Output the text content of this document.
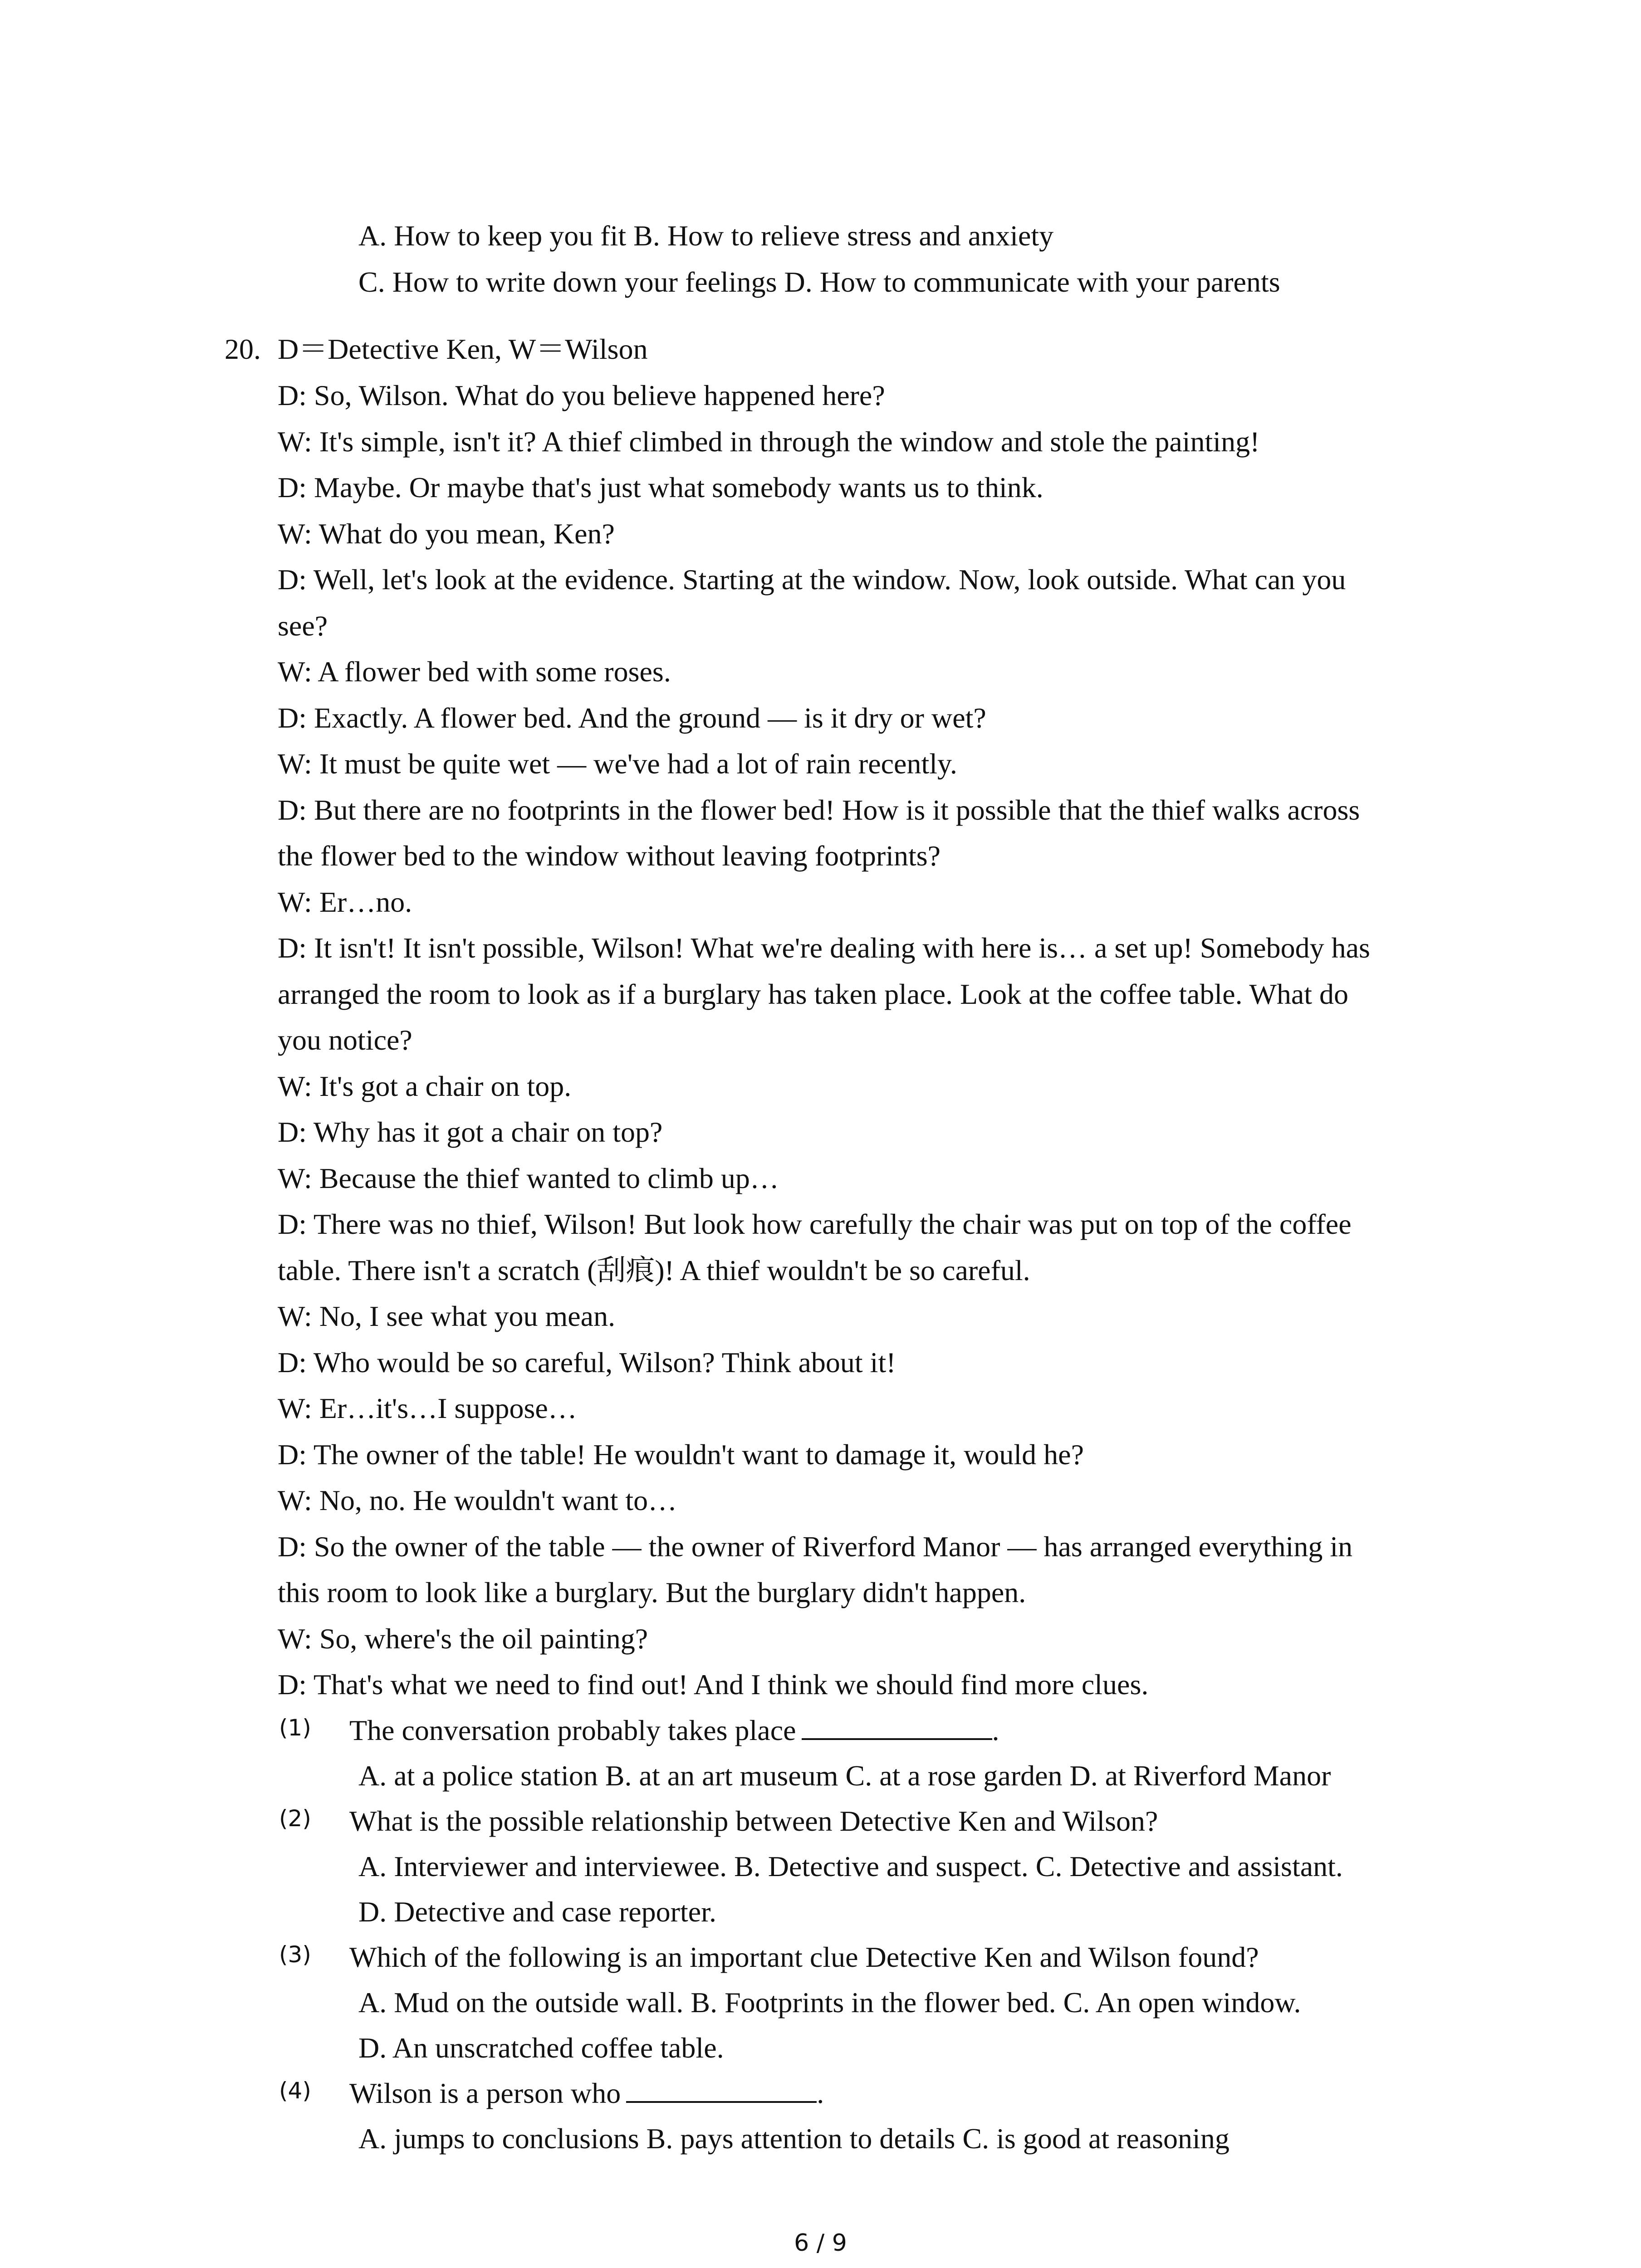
A. How to keep you fit B. How to relieve stress and anxiety
C. How to write down your feelings D. How to communicate with your parents
20. D＝Detective Ken, W＝Wilson
D: So, Wilson. What do you believe happened here?
W: It's simple, isn't it? A thief climbed in through the window and stole the painting!
D: Maybe. Or maybe that's just what somebody wants us to think.
W: What do you mean, Ken?
D: Well, let's look at the evidence. Starting at the window. Now, look outside. What can you
see?
W: A flower bed with some roses.
D: Exactly. A flower bed. And the ground — is it dry or wet?
W: It must be quite wet — we've had a lot of rain recently.
D: But there are no footprints in the flower bed! How is it possible that the thief walks across
the flower bed to the window without leaving footprints?
W: Er…no.
D: It isn't! It isn't possible, Wilson! What we're dealing with here is… a set up! Somebody has
arranged the room to look as if a burglary has taken place. Look at the coffee table. What do
you notice?
W: It's got a chair on top.
D: Why has it got a chair on top?
W: Because the thief wanted to climb up…
D: There was no thief, Wilson! But look how carefully the chair was put on top of the coffee
table. There isn't a scratch (刮痕)! A thief wouldn't be so careful.
W: No, I see what you mean.
D: Who would be so careful, Wilson? Think about it!
W: Er…it's…I suppose…
D: The owner of the table! He wouldn't want to damage it, would he?
W: No, no. He wouldn't want to…
D: So the owner of the table — the owner of Riverford Manor — has arranged everything in
this room to look like a burglary. But the burglary didn't happen.
W: So, where's the oil painting?
D: That's what we need to find out! And I think we should find more clues.
(1) The conversation probably takes place	.
A. at a police station B. at an art museum C. at a rose garden D. at Riverford Manor
(2) What is the possible relationship between Detective Ken and Wilson?
A. Interviewer and interviewee. B. Detective and suspect. C. Detective and assistant.
D. Detective and case reporter.
(3) Which of the following is an important clue Detective Ken and Wilson found?
A. Mud on the outside wall. B. Footprints in the flower bed. C. An open window.
D. An unscratched coffee table.
(4) Wilson is a person who	.
A. jumps to conclusions B. pays attention to details C. is good at reasoning
6 / 9
